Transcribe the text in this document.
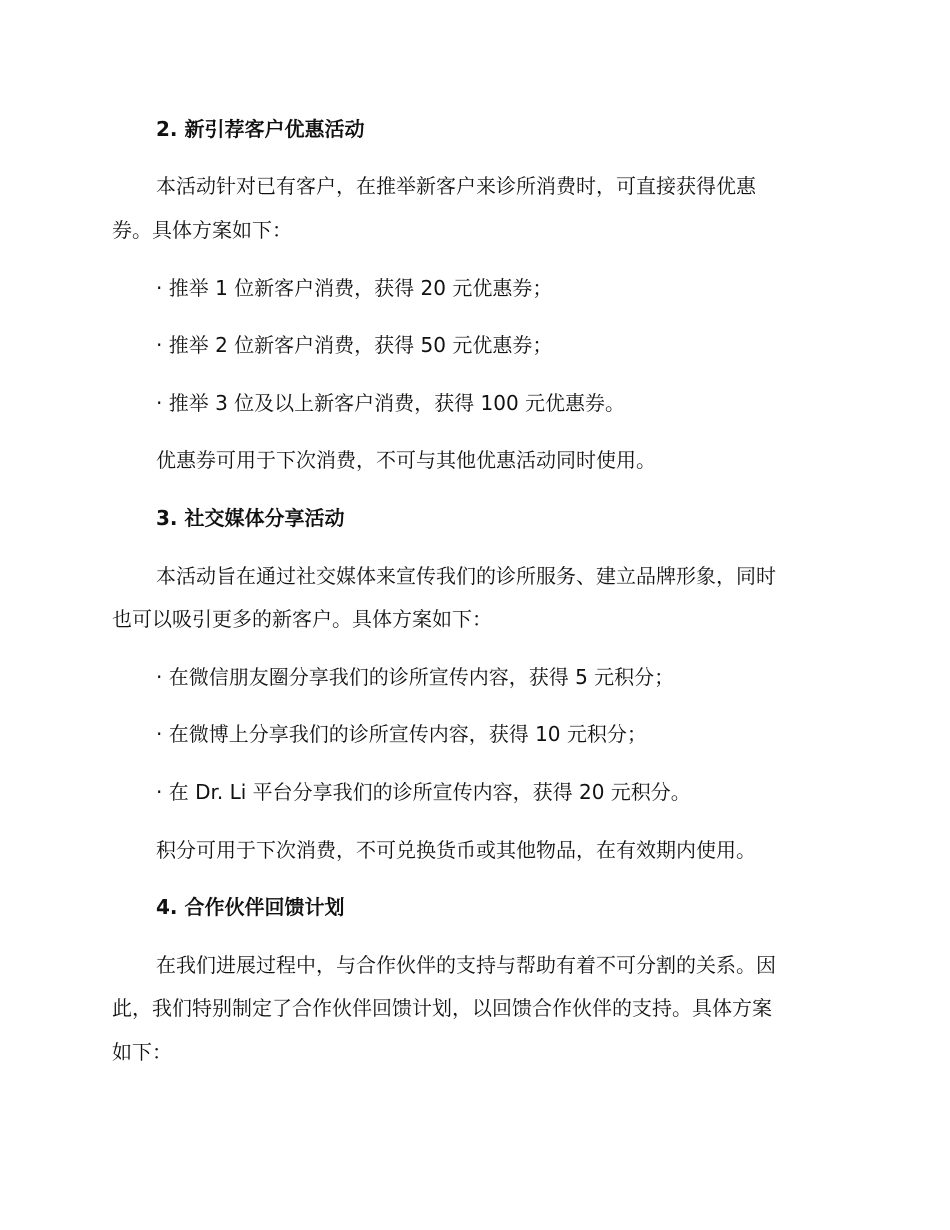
2. 新引荐客户优惠活动
本活动针对已有客户，在推举新客户来诊所消费时，可直接获得优惠
券。具体方案如下：
· 推举 1 位新客户消费，获得 20 元优惠券；
· 推举 2 位新客户消费，获得 50 元优惠券；
· 推举 3 位及以上新客户消费，获得 100 元优惠券。
优惠券可用于下次消费，不可与其他优惠活动同时使用。
3. 社交媒体分享活动
本活动旨在通过社交媒体来宣传我们的诊所服务、建立品牌形象，同时
也可以吸引更多的新客户。具体方案如下：
· 在微信朋友圈分享我们的诊所宣传内容，获得 5 元积分；
· 在微博上分享我们的诊所宣传内容，获得 10 元积分；
· 在 Dr. Li 平台分享我们的诊所宣传内容，获得 20 元积分。
积分可用于下次消费，不可兑换货币或其他物品，在有效期内使用。
4. 合作伙伴回馈计划
在我们进展过程中，与合作伙伴的支持与帮助有着不可分割的关系。因
此，我们特别制定了合作伙伴回馈计划，以回馈合作伙伴的支持。具体方案
如下：
